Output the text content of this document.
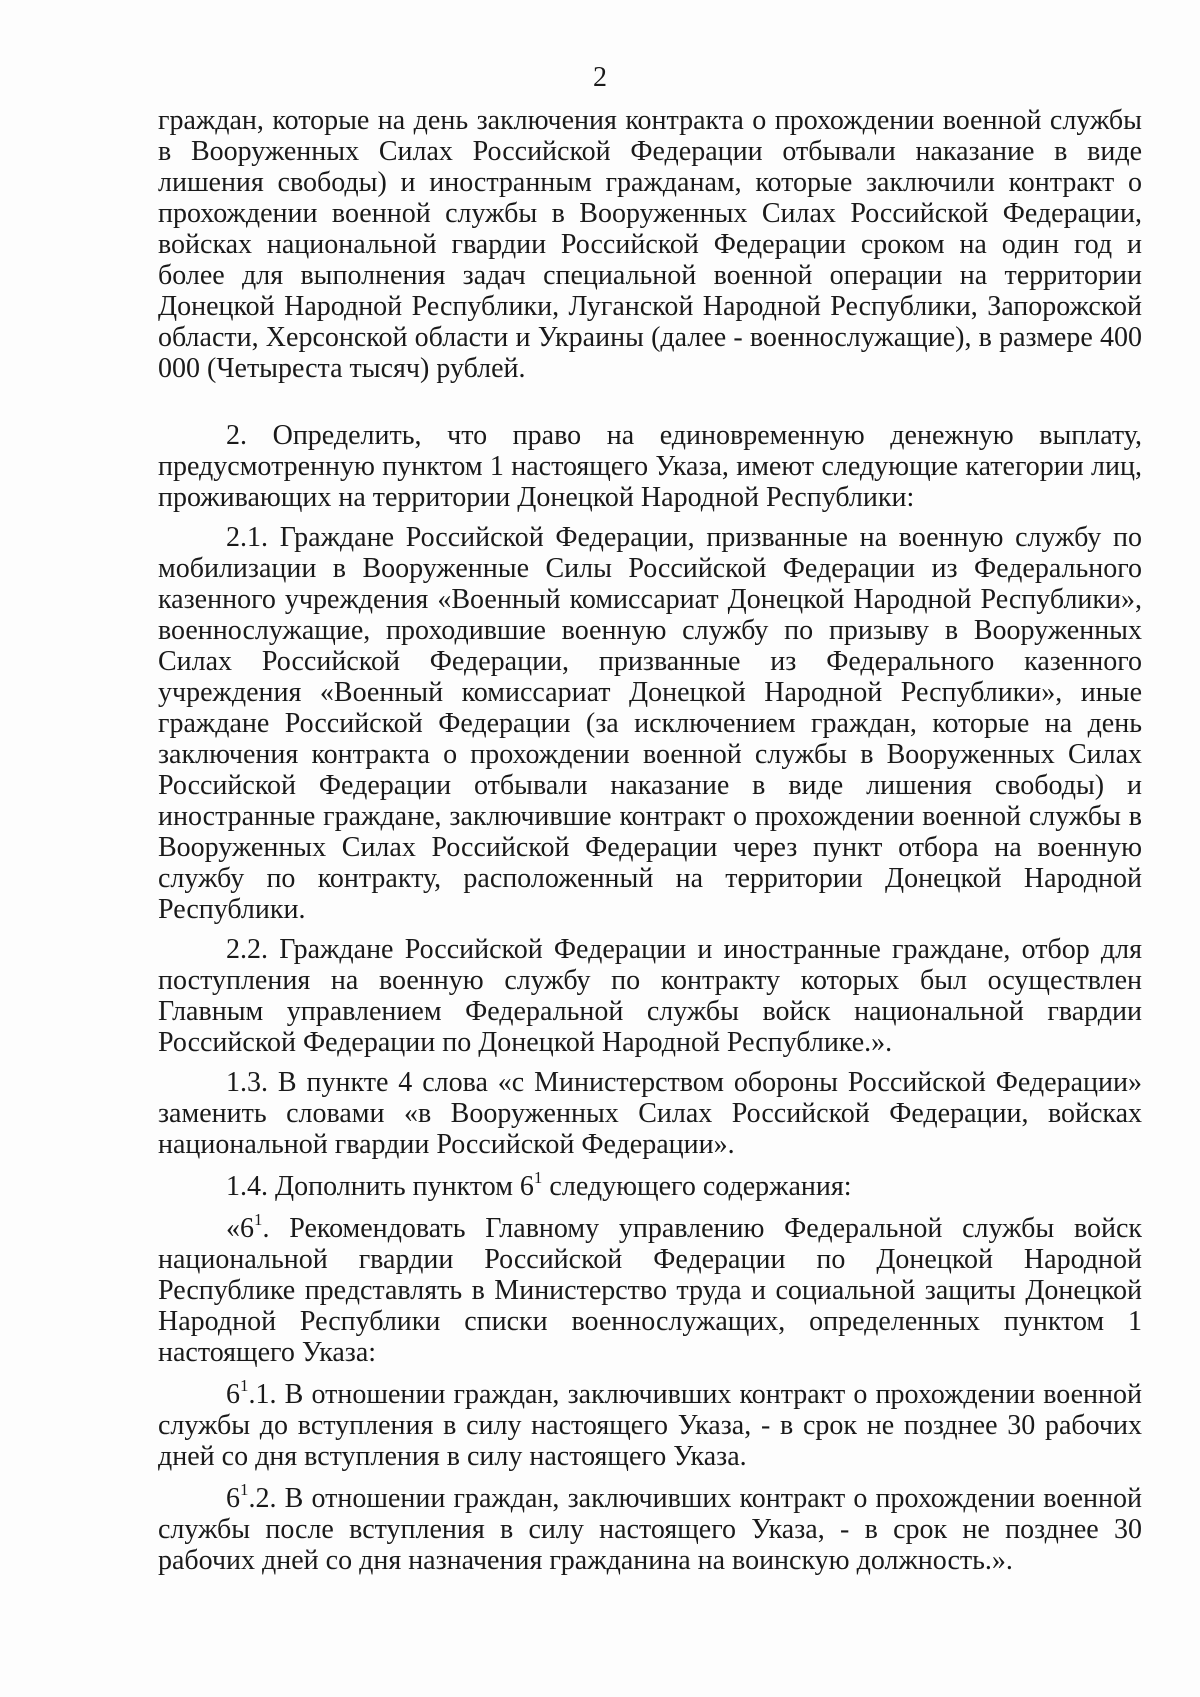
2

граждан, которые на день заключения контракта о прохождении военной службы в Вооруженных Силах Российской Федерации отбывали наказание в виде лишения свободы) и иностранным гражданам, которые заключили контракт о прохождении военной службы в Вооруженных Силах Российской Федерации, войсках национальной гвардии Российской Федерации сроком на один год и более для выполнения задач специальной военной операции на территории Донецкой Народной Республики, Луганской Народной Республики, Запорожской области, Херсонской области и Украины (далее - военнослужащие), в размере 400 000 (Четыреста тысяч) рублей.

2. Определить, что право на единовременную денежную выплату, предусмотренную пунктом 1 настоящего Указа, имеют следующие категории лиц, проживающих на территории Донецкой Народной Республики:

2.1. Граждане Российской Федерации, призванные на военную службу по мобилизации в Вооруженные Силы Российской Федерации из Федерального казенного учреждения «Военный комиссариат Донецкой Народной Республики», военнослужащие, проходившие военную службу по призыву в Вооруженных Силах Российской Федерации, призванные из Федерального казенного учреждения «Военный комиссариат Донецкой Народной Республики», иные граждане Российской Федерации (за исключением граждан, которые на день заключения контракта о прохождении военной службы в Вооруженных Силах Российской Федерации отбывали наказание в виде лишения свободы) и иностранные граждане, заключившие контракт о прохождении военной службы в Вооруженных Силах Российской Федерации через пункт отбора на военную службу по контракту, расположенный на территории Донецкой Народной Республики.

2.2. Граждане Российской Федерации и иностранные граждане, отбор для поступления на военную службу по контракту которых был осуществлен Главным управлением Федеральной службы войск национальной гвардии Российской Федерации по Донецкой Народной Республике.».

1.3. В пункте 4 слова «с Министерством обороны Российской Федерации» заменить словами «в Вооруженных Силах Российской Федерации, войсках национальной гвардии Российской Федерации».

1.4. Дополнить пунктом $6^1$ следующего содержания:

«$6^1$. Рекомендовать Главному управлению Федеральной службы войск национальной гвардии Российской Федерации по Донецкой Народной Республике представлять в Министерство труда и социальной защиты Донецкой Народной Республики списки военнослужащих, определенных пунктом 1 настоящего Указа:

$6^1.1$. В отношении граждан, заключивших контракт о прохождении военной службы до вступления в силу настоящего Указа, - в срок не позднее 30 рабочих дней со дня вступления в силу настоящего Указа.

$6^1.2$. В отношении граждан, заключивших контракт о прохождении военной службы после вступления в силу настоящего Указа, - в срок не позднее 30 рабочих дней со дня назначения гражданина на воинскую должность.».
